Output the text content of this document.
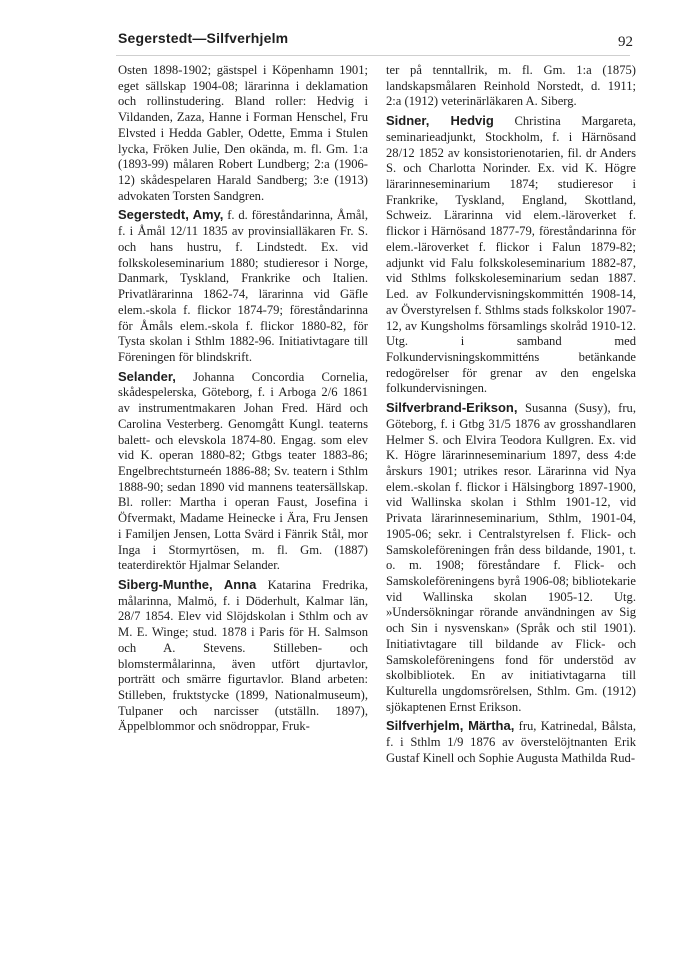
Segerstedt—Silfverhjelm	92

Osten 1898-1902; gästspel i Köpenhamn 1901; eget sällskap 1904-08; lärarinna i deklamation och rollinstudering. Bland roller: Hedvig i Vildanden, Zaza, Hanne i Forman Henschel, Fru Elvsted i Hedda Gabler, Odette, Emma i Stulen lycka, Fröken Julie, Den okända, m. fl. Gm. 1:a (1893-99) målaren Robert Lundberg; 2:a (1906-12) skådespelaren Harald Sandberg; 3:e (1913) advokaten Torsten Sandgren.

Segerstedt, Amy, f. d. föreståndarinna, Åmål, f. i Åmål 12/11 1835 av provinsialläkaren Fr. S. och hans hustru, f. Lindstedt. Ex. vid folkskoleseminarium 1880; studieresor i Norge, Danmark, Tyskland, Frankrike och Italien. Privatlärarinna 1862-74, lärarinna vid Gäfle elem.-skola f. flickor 1874-79; föreståndarinna för Åmåls elem.-skola f. flickor 1880-82, för Tysta skolan i Sthlm 1882-96. Initiativtagare till Föreningen för blindskrift.

Selander, Johanna Concordia Cornelia, skådespelerska, Göteborg, f. i Arboga 2/6 1861 av instrumentmakaren Johan Fred. Härd och Carolina Vesterberg. Genomgått Kungl. teaterns balett- och elevskola 1874-80. Engag. som elev vid K. operan 1880-82; Gtbgs teater 1883-86; Engelbrechtsturneén 1886-88; Sv. teatern i Sthlm 1888-90; sedan 1890 vid mannens teatersällskap. Bl. roller: Martha i operan Faust, Josefina i Öfvermakt, Madame Heinecke i Ära, Fru Jensen i Familjen Jensen, Lotta Svärd i Fänrik Stål, mor Inga i Stormyrtösen, m. fl. Gm. (1887) teaterdirektör Hjalmar Selander.

Siberg-Munthe, Anna Katarina Fredrika, målarinna, Malmö, f. i Döderhult, Kalmar län, 28/7 1854. Elev vid Slöjdskolan i Sthlm och av M. E. Winge; stud. 1878 i Paris för H. Salmson och A. Stevens. Stilleben- och blomstermålarinna, även utfört djurtavlor, porträtt och smärre figurtavlor. Bland arbeten: Stilleben, fruktstycke (1899, Nationalmuseum), Tulpaner och narcisser (utställn. 1897), Äppelblommor och snödroppar, Fruk-

ter på tenntallrik, m. fl. Gm. 1:a (1875) landskapsmålaren Reinhold Norstedt, d. 1911; 2:a (1912) veterinärläkaren A. Siberg.

Sidner, Hedvig Christina Margareta, seminarieadjunkt, Stockholm, f. i Härnösand 28/12 1852 av konsistorienotarien, fil. dr Anders S. och Charlotta Norinder. Ex. vid K. Högre lärarinneseminarium 1874; studieresor i Frankrike, Tyskland, England, Skottland, Schweiz. Lärarinna vid elem.-läroverket f. flickor i Härnösand 1877-79, föreståndarinna för elem.-läroverket f. flickor i Falun 1879-82; adjunkt vid Falu folkskoleseminarium 1882-87, vid Sthlms folkskoleseminarium sedan 1887. Led. av Folkundervisningskommittén 1908-14, av Överstyrelsen f. Sthlms stads folkskolor 1907-12, av Kungsholms församlings skolråd 1910-12. Utg. i samband med Folkundervisningskommitténs betänkande redogörelser för grenar av den engelska folkundervisningen.

Silfverbrand-Erikson, Susanna (Susy), fru, Göteborg, f. i Gtbg 31/5 1876 av grosshandlaren Helmer S. och Elvira Teodora Kullgren. Ex. vid K. Högre lärarinneseminarium 1897, dess 4:de årskurs 1901; utrikes resor. Lärarinna vid Nya elem.-skolan f. flickor i Hälsingborg 1897-1900, vid Wallinska skolan i Sthlm 1901-12, vid Privata lärarinneseminarium, Sthlm, 1901-04, 1905-06; sekr. i Centralstyrelsen f. Flick- och Samskoleföreningen från dess bildande, 1901, t. o. m. 1908; föreståndare f. Flick- och Samskoleföreningens byrå 1906-08; bibliotekarie vid Wallinska skolan 1905-12. Utg. »Undersökningar rörande användningen av Sig och Sin i nysvenskan» (Språk och stil 1901). Initiativtagare till bildande av Flick- och Samskoleföreningens fond för understöd av skolbibliotek. En av initiativtagarna till Kulturella ungdomsrörelsen, Sthlm. Gm. (1912) sjökaptenen Ernst Erikson.

Silfverhjelm, Märtha, fru, Katrinedal, Bålsta, f. i Sthlm 1/9 1876 av överstelöjtnanten Erik Gustaf Kinell och Sophie Augusta Mathilda Rud-
